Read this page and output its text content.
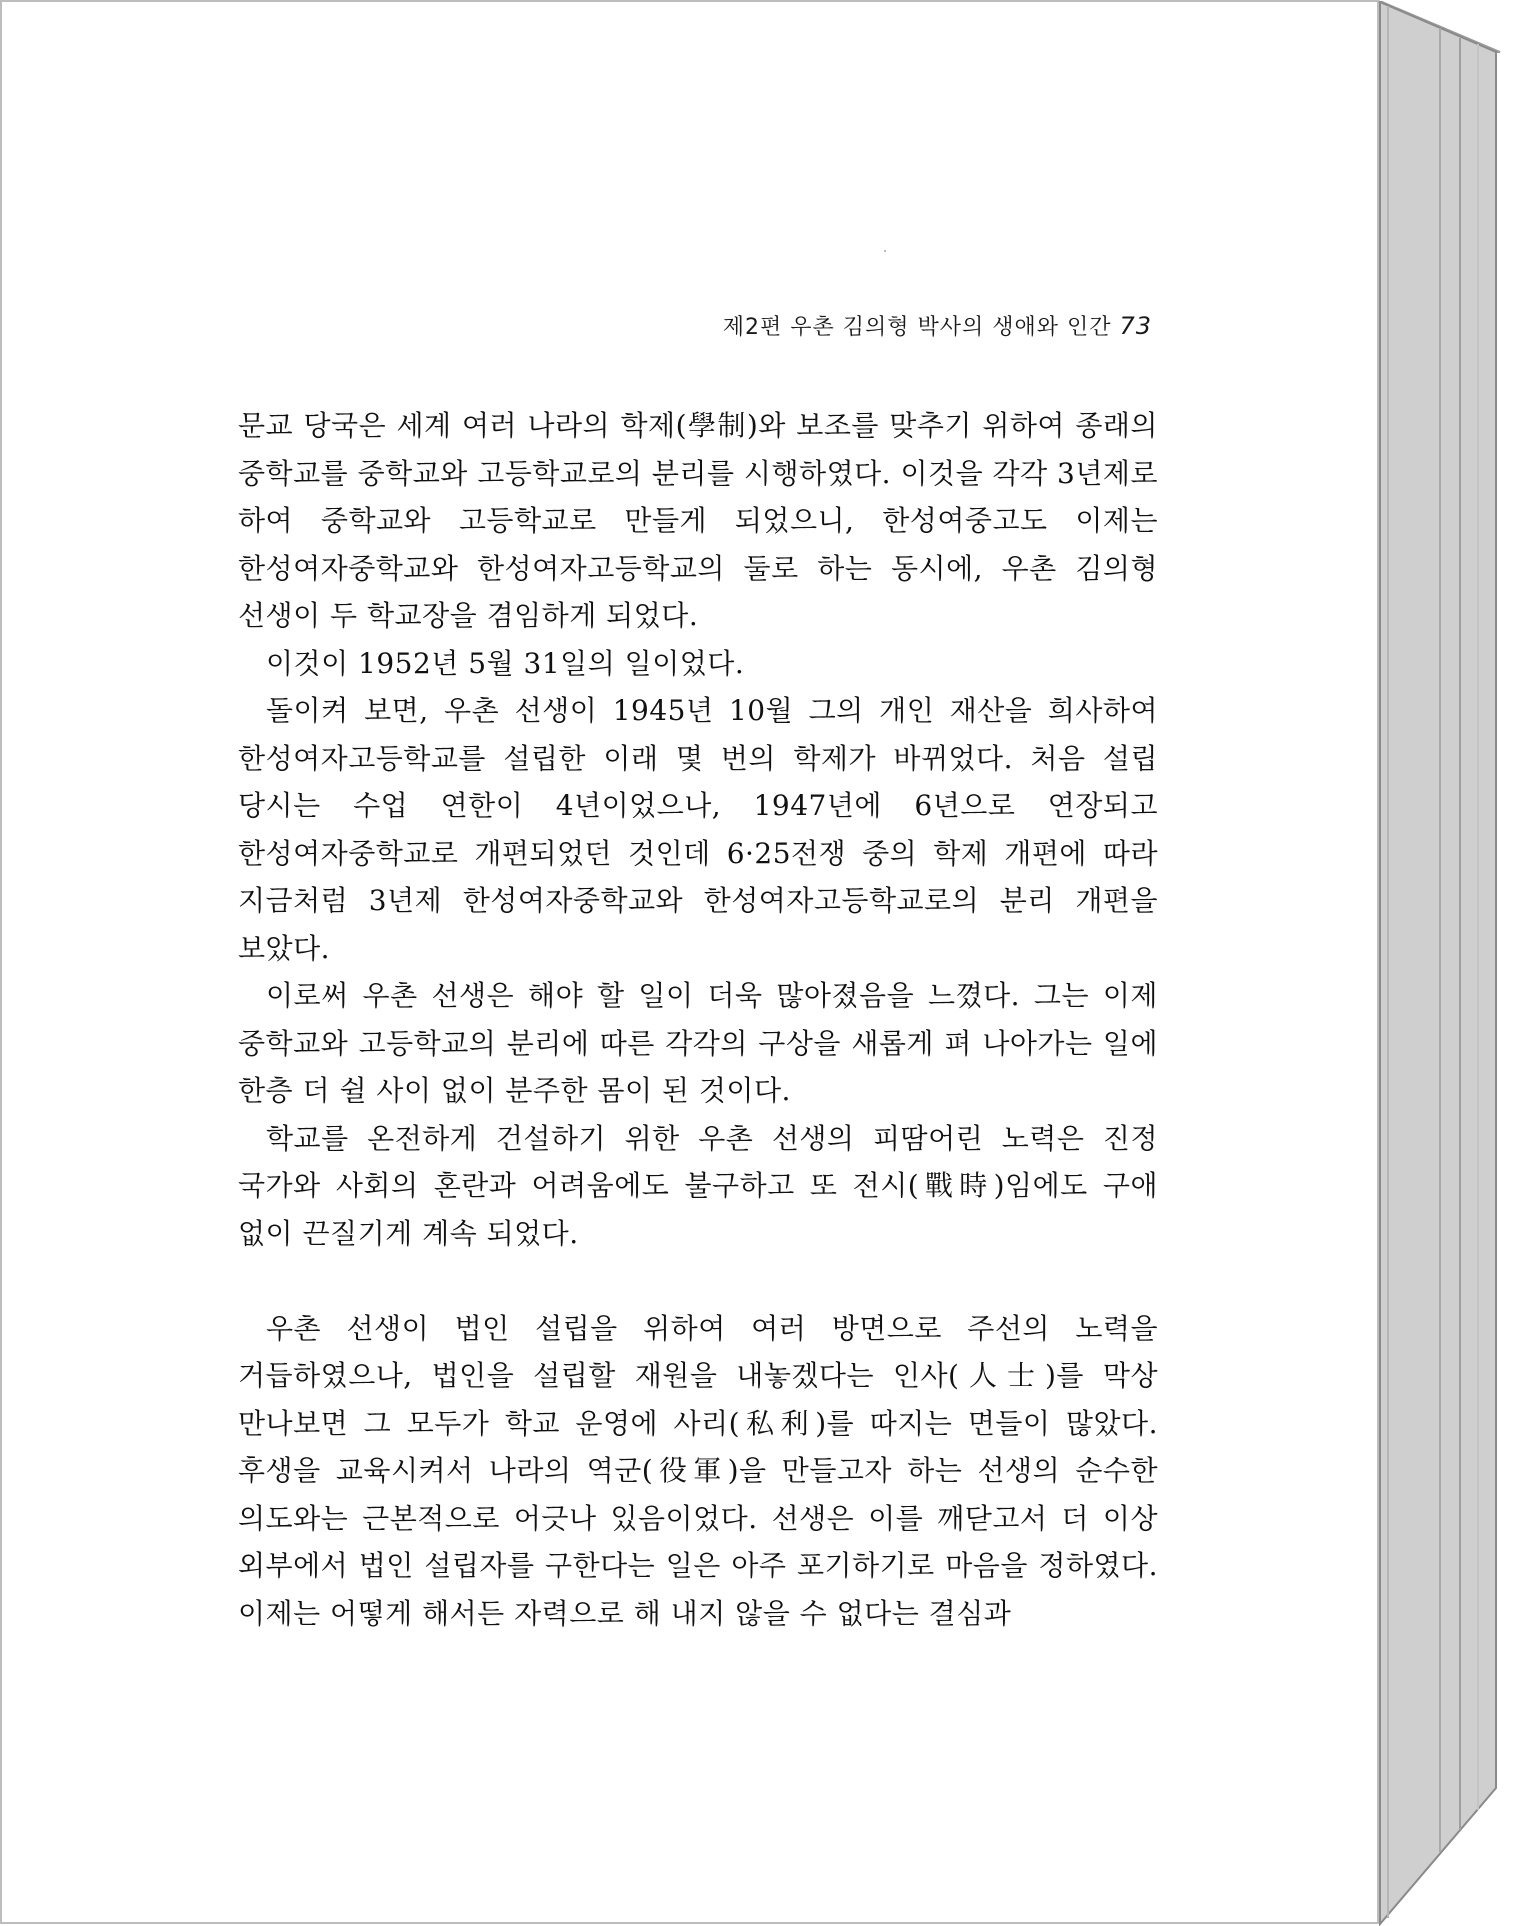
제2편 우촌 김의형 박사의 생애와 인간 73

문교 당국은 세계 여러 나라의 학제(學制)와 보조를 맞추기 위하여 종래의 중학교를 중학교와 고등학교로의 분리를 시행하였다. 이것을 각각 3년제로 하여 중학교와 고등학교로 만들게 되었으니, 한성여중고도 이제는 한성여자중학교와 한성여자고등학교의 둘로 하는 동시에, 우촌 김의형 선생이 두 학교장을 겸임하게 되었다.

이것이 1952년 5월 31일의 일이었다.

돌이켜 보면, 우촌 선생이 1945년 10월 그의 개인 재산을 희사하여 한성여자고등학교를 설립한 이래 몇 번의 학제가 바뀌었다. 처음 설립 당시는 수업 연한이 4년이었으나, 1947년에 6년으로 연장되고 한성여자중학교로 개편되었던 것인데 6·25전쟁 중의 학제 개편에 따라 지금처럼 3년제 한성여자중학교와 한성여자고등학교로의 분리 개편을 보았다.

이로써 우촌 선생은 해야 할 일이 더욱 많아졌음을 느꼈다. 그는 이제 중학교와 고등학교의 분리에 따른 각각의 구상을 새롭게 펴 나아가는 일에 한층 더 쉴 사이 없이 분주한 몸이 된 것이다.

학교를 온전하게 건설하기 위한 우촌 선생의 피땀어린 노력은 진정 국가와 사회의 혼란과 어려움에도 불구하고 또 전시(戰時)임에도 구애 없이 끈질기게 계속 되었다.

우촌 선생이 법인 설립을 위하여 여러 방면으로 주선의 노력을 거듭하였으나, 법인을 설립할 재원을 내놓겠다는 인사(人士)를 막상 만나보면 그 모두가 학교 운영에 사리(私利)를 따지는 면들이 많았다. 후생을 교육시켜서 나라의 역군(役軍)을 만들고자 하는 선생의 순수한 의도와는 근본적으로 어긋나 있음이었다. 선생은 이를 깨닫고서 더 이상 외부에서 법인 설립자를 구한다는 일은 아주 포기하기로 마음을 정하였다. 이제는 어떻게 해서든 자력으로 해 내지 않을 수 없다는 결심과
